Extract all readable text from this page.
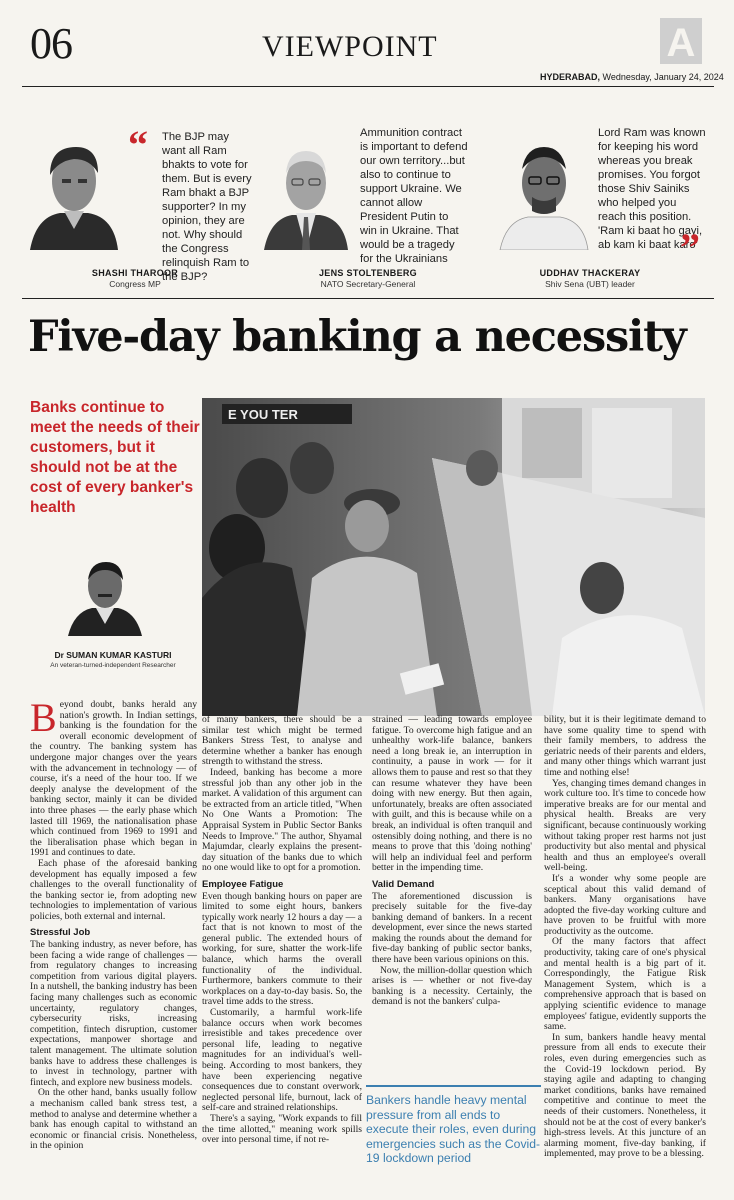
06	VIEWPOINT	A
HYDERABAD, Wednesday, January 24, 2024
“ The BJP may want all Ram bhakts to vote for them. But is every Ram bhakt a BJP supporter? In my opinion, they are not. Why should the Congress relinquish Ram to the BJP?
SHASHI THAROOR
Congress MP
Ammunition contract is important to defend our own territory...but also to continue to support Ukraine. We cannot allow President Putin to win in Ukraine. That would be a tragedy for the Ukrainians
JENS STOLTENBERG
NATO Secretary-General
Lord Ram was known for keeping his word whereas you break promises. You forgot those Shiv Sainiks who helped you reach this position. 'Ram ki baat ho gayi, ab kam ki baat karo'
”
UDDHAV THACKERAY
Shiv Sena (UBT) leader
Five-day banking a necessity
Banks continue to meet the needs of their customers, but it should not be at the cost of every banker's health
E YOU TER
Dr SUMAN KUMAR KASTURI
An veteran-turned-independent Researcher

Beyond doubt, banks herald any nation's growth. In Indian settings, banking is the foundation for the overall economic development of the country. The banking system has undergone major changes over the years with the advancement in technology — of course, it's a need of the hour too. If we deeply analyse the development of the banking sector, mainly it can be divided into three phases — the early phase which lasted till 1969, the nationalisation phase which continued from 1969 to 1991 and the liberalisation phase which began in 1991 and continues to date.

Each phase of the aforesaid banking development has equally imposed a few challenges to the overall functionality of the banking sector ie, from adopting new technologies to implementation of various policies, both external and internal.

Stressful Job

The banking industry, as never before, has been facing a wide range of challenges — from regulatory changes to increasing competition from various digital players. In a nutshell, the banking industry has been facing many challenges such as economic uncertainty, regulatory changes, cybersecurity risks, increasing competition, fintech disruption, customer expectations, manpower shortage and talent management. The ultimate solution banks have to address these challenges is to invest in technology, partner with fintech, and explore new business models.

On the other hand, banks usually follow a mechanism called bank stress test, a method to analyse and determine whether a bank has enough capital to withstand an economic or financial crisis. Nonetheless, in the opinion

of many bankers, there should be a similar test which might be termed Bankers Stress Test, to analyse and determine whether a banker has enough strength to withstand the stress.

Indeed, banking has become a more stressful job than any other job in the market. A validation of this argument can be extracted from an article titled, "When No One Wants a Promotion: The Appraisal System in Public Sector Banks Needs to Improve." The author, Shyamal Majumdar, clearly explains the present-day situation of the banks due to which no one would like to opt for a promotion.

Employee Fatigue

Even though banking hours on paper are limited to some eight hours, bankers typically work nearly 12 hours a day — a fact that is not known to most of the general public. The extended hours of working, for sure, shatter the work-life balance, which harms the overall functionality of the individual. Furthermore, bankers commute to their workplaces on a day-to-day basis. So, the travel time adds to the stress.

Customarily, a harmful work-life balance occurs when work becomes irresistible and takes precedence over personal life, leading to negative magnitudes for an individual's well-being. According to most bankers, they have been experiencing negative consequences due to constant overwork, neglected personal life, burnout, lack of self-care and strained relationships.

There's a saying, "Work expands to fill the time allotted," meaning work spills over into personal time, if not re-

strained — leading towards employee fatigue. To overcome high fatigue and an unhealthy work-life balance, bankers need a long break ie, an interruption in continuity, a pause in work — for it allows them to pause and rest so that they can resume whatever they have been doing with new energy. But then again, unfortunately, breaks are often associated with guilt, and this is because while on a break, an individual is often tranquil and ostensibly doing nothing, and there is no means to prove that this 'doing nothing' will help an individual feel and perform better in the impending time.

Valid Demand

The aforementioned discussion is precisely suitable for the five-day banking demand of bankers. In a recent development, ever since the news started making the rounds about the demand for five-day banking of public sector banks, there have been various opinions on this.

Now, the million-dollar question which arises is — whether or not five-day banking is a necessity. Certainly, the demand is not the bankers' culpa-

Bankers handle heavy mental pressure from all ends to execute their roles, even during emergencies such as the Covid-19 lockdown period

bility, but it is their legitimate demand to have some quality time to spend with their family members, to address the geriatric needs of their parents and elders, and many other things which warrant just time and nothing else!

Yes, changing times demand changes in work culture too. It's time to concede how imperative breaks are for our mental and physical health. Breaks are very significant, because continuously working without taking proper rest harms not just productivity but also mental and physical health and thus an employee's overall well-being.

It's a wonder why some people are sceptical about this valid demand of bankers. Many organisations have adopted the five-day working culture and have proven to be fruitful with more productivity as the outcome.

Of the many factors that affect productivity, taking care of one's physical and mental health is a big part of it. Correspondingly, the Fatigue Risk Management System, which is a comprehensive approach that is based on applying scientific evidence to manage employees' fatigue, evidently supports the same.

In sum, bankers handle heavy mental pressure from all ends to execute their roles, even during emergencies such as the Covid-19 lockdown period. By staying agile and adapting to changing market conditions, banks have remained competitive and continue to meet the needs of their customers. Nonetheless, it should not be at the cost of every banker's high-stress levels. At this juncture of an alarming moment, five-day banking, if implemented, may prove to be a blessing.
